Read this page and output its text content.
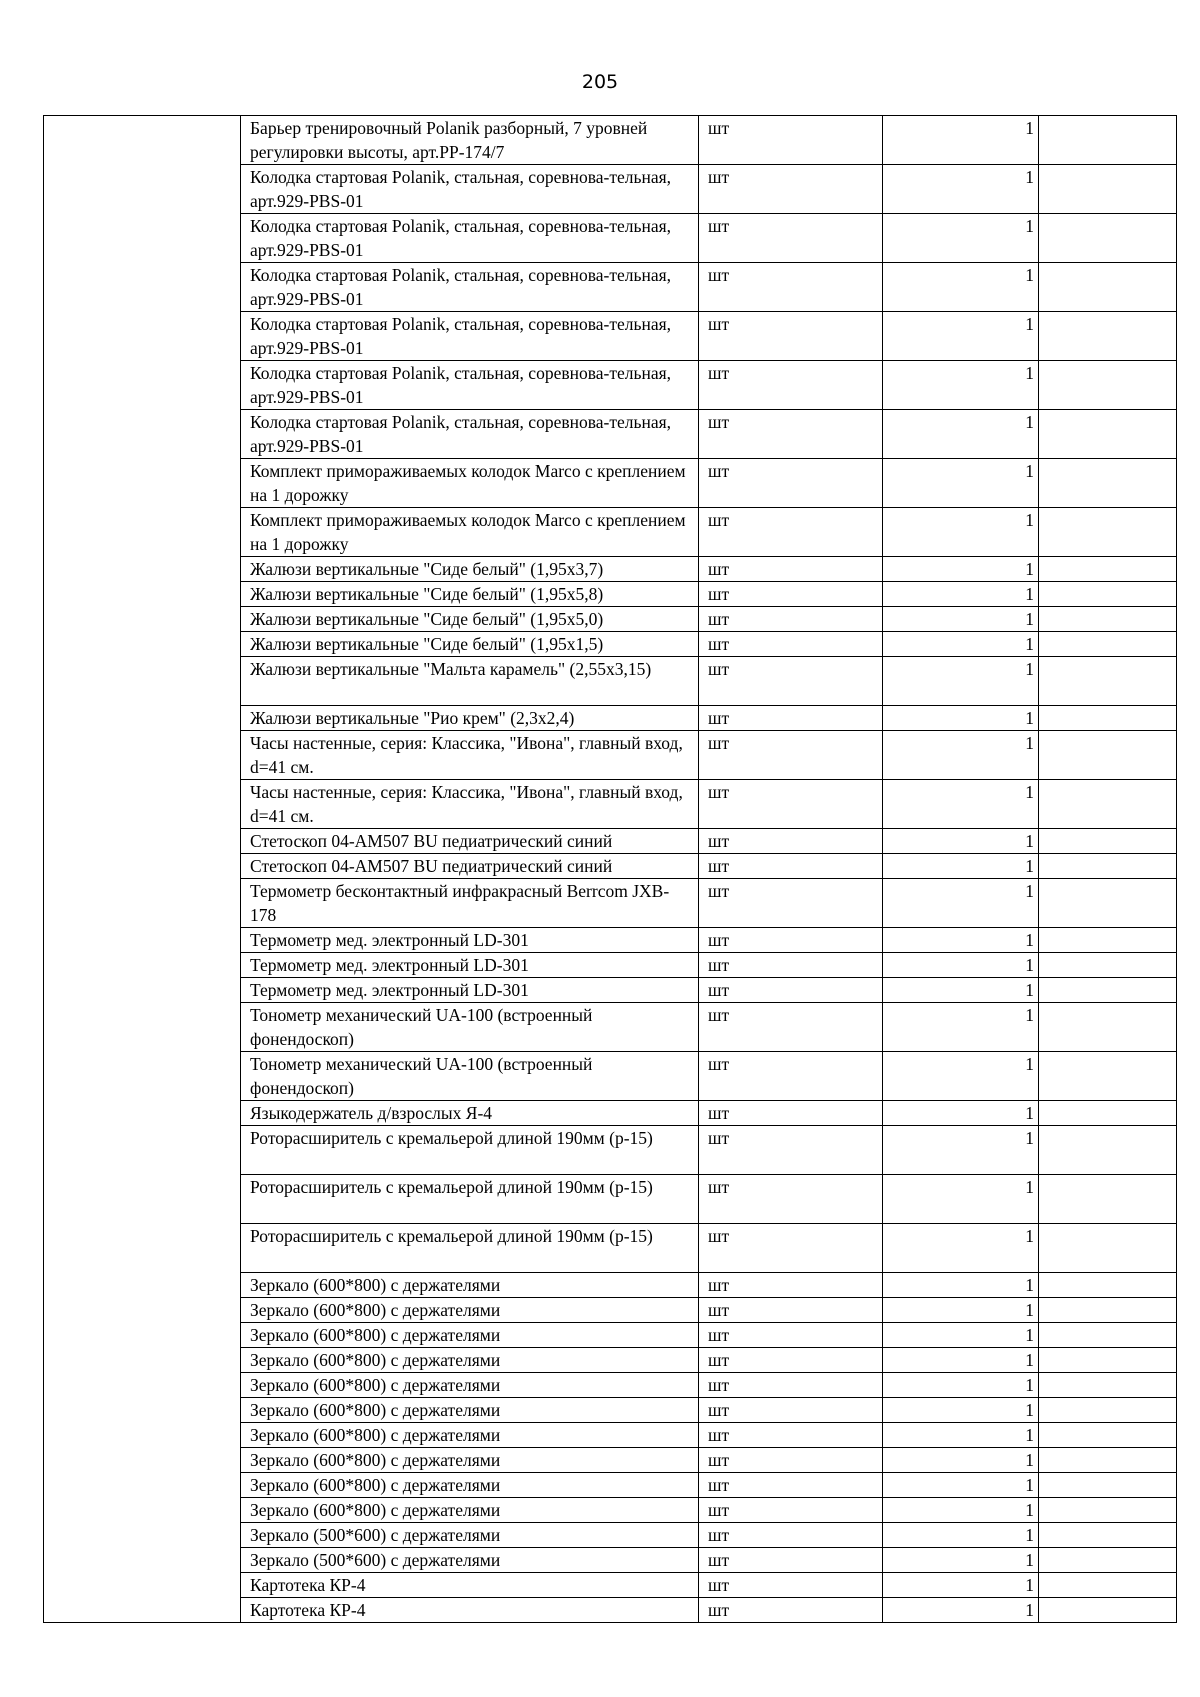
205
	Барьер тренировочный Polanik разборный, 7 уровней регулировки высоты, арт.PP-174/7	шт	1	
	Колодка стартовая Polanik, стальная, соревнова-тельная, арт.929-PBS-01	шт	1	
	Колодка стартовая Polanik, стальная, соревнова-тельная, арт.929-PBS-01	шт	1	
	Колодка стартовая Polanik, стальная, соревнова-тельная, арт.929-PBS-01	шт	1	
	Колодка стартовая Polanik, стальная, соревнова-тельная, арт.929-PBS-01	шт	1	
	Колодка стартовая Polanik, стальная, соревнова-тельная, арт.929-PBS-01	шт	1	
	Колодка стартовая Polanik, стальная, соревнова-тельная, арт.929-PBS-01	шт	1	
	Комплект примораживаемых колодок Marco с креплением на 1 дорожку	шт	1	
	Комплект примораживаемых колодок Marco с креплением на 1 дорожку	шт	1	
	Жалюзи вертикальные "Сиде белый" (1,95х3,7)	шт	1	
	Жалюзи вертикальные "Сиде белый" (1,95х5,8)	шт	1	
	Жалюзи вертикальные "Сиде белый" (1,95х5,0)	шт	1	
	Жалюзи вертикальные "Сиде белый" (1,95х1,5)	шт	1	
	Жалюзи вертикальные "Мальта карамель" (2,55х3,15)	шт	1	
	Жалюзи вертикальные "Рио крем" (2,3х2,4)	шт	1	
	Часы настенные, серия: Классика, "Ивона", главный вход, d=41 см.	шт	1	
	Часы настенные, серия: Классика, "Ивона", главный вход, d=41 см.	шт	1	
	Стетоскоп 04-AM507 BU педиатрический синий	шт	1	
	Стетоскоп 04-AM507 BU педиатрический синий	шт	1	
	Термометр бесконтактный инфракрасный Berrcom JXB-178	шт	1	
	Термометр мед. электронный LD-301	шт	1	
	Термометр мед. электронный LD-301	шт	1	
	Термометр мед. электронный LD-301	шт	1	
	Тонометр механический UA-100 (встроенный фонендоскоп)	шт	1	
	Тонометр механический UA-100 (встроенный фонендоскоп)	шт	1	
	Языкодержатель д/взрослых Я-4	шт	1	
	Роторасширитель с кремальерой длиной 190мм (р-15)	шт	1	
	Роторасширитель с кремальерой длиной 190мм (р-15)	шт	1	
	Роторасширитель с кремальерой длиной 190мм (р-15)	шт	1	
	Зеркало (600*800) с держателями	шт	1	
	Зеркало (600*800) с держателями	шт	1	
	Зеркало (600*800) с держателями	шт	1	
	Зеркало (600*800) с держателями	шт	1	
	Зеркало (600*800) с держателями	шт	1	
	Зеркало (600*800) с держателями	шт	1	
	Зеркало (600*800) с держателями	шт	1	
	Зеркало (600*800) с держателями	шт	1	
	Зеркало (600*800) с держателями	шт	1	
	Зеркало (600*800) с держателями	шт	1	
	Зеркало (500*600) с держателями	шт	1	
	Зеркало (500*600) с держателями	шт	1	
	Картотека КР-4	шт	1	
	Картотека КР-4	шт	1	
